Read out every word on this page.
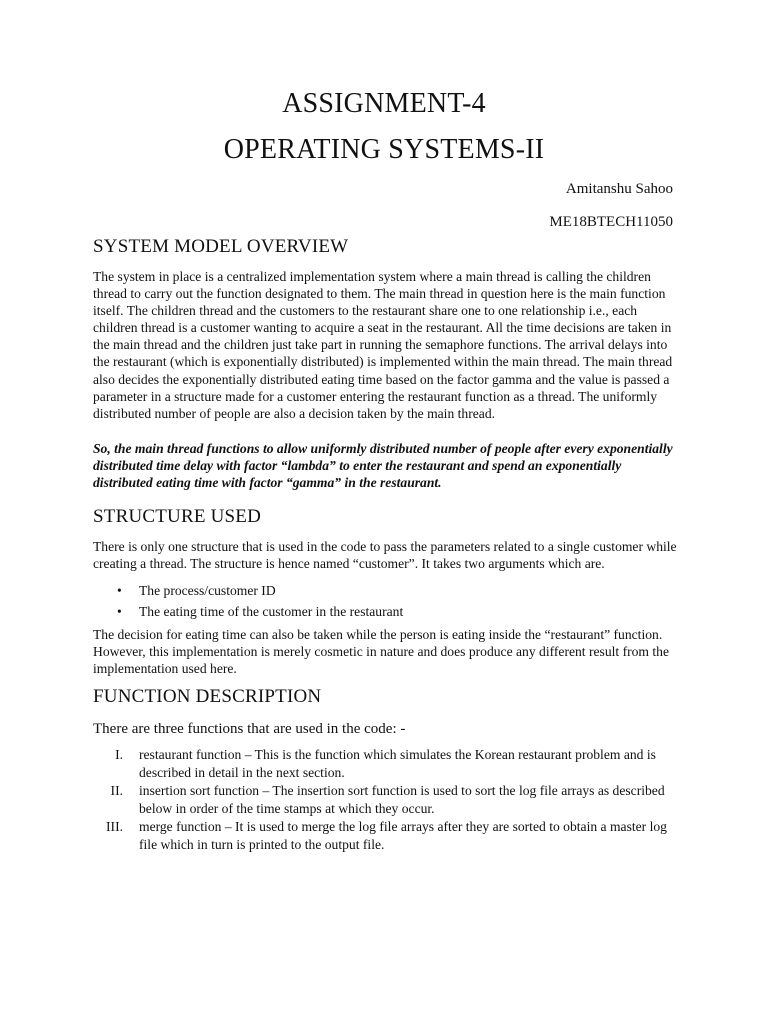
ASSIGNMENT-4
OPERATING SYSTEMS-II
Amitanshu Sahoo
ME18BTECH11050
SYSTEM MODEL OVERVIEW

The system in place is a centralized implementation system where a main thread is calling the children thread to carry out the function designated to them. The main thread in question here is the main function itself. The children thread and the customers to the restaurant share one to one relationship i.e., each children thread is a customer wanting to acquire a seat in the restaurant. All the time decisions are taken in the main thread and the children just take part in running the semaphore functions. The arrival delays into the restaurant (which is exponentially distributed) is implemented within the main thread. The main thread also decides the exponentially distributed eating time based on the factor gamma and the value is passed a parameter in a structure made for a customer entering the restaurant function as a thread. The uniformly distributed number of people are also a decision taken by the main thread.

So, the main thread functions to allow uniformly distributed number of people after every exponentially distributed time delay with factor “lambda” to enter the restaurant and spend an exponentially distributed eating time with factor “gamma” in the restaurant.

STRUCTURE USED

There is only one structure that is used in the code to pass the parameters related to a single customer while creating a thread. The structure is hence named “customer”. It takes two arguments which are.

• The process/customer ID
• The eating time of the customer in the restaurant

The decision for eating time can also be taken while the person is eating inside the “restaurant” function. However, this implementation is merely cosmetic in nature and does produce any different result from the implementation used here.

FUNCTION DESCRIPTION

There are three functions that are used in the code: -

I. restaurant function – This is the function which simulates the Korean restaurant problem and is described in detail in the next section.
II. insertion sort function – The insertion sort function is used to sort the log file arrays as described below in order of the time stamps at which they occur.
III. merge function – It is used to merge the log file arrays after they are sorted to obtain a master log file which in turn is printed to the output file.
